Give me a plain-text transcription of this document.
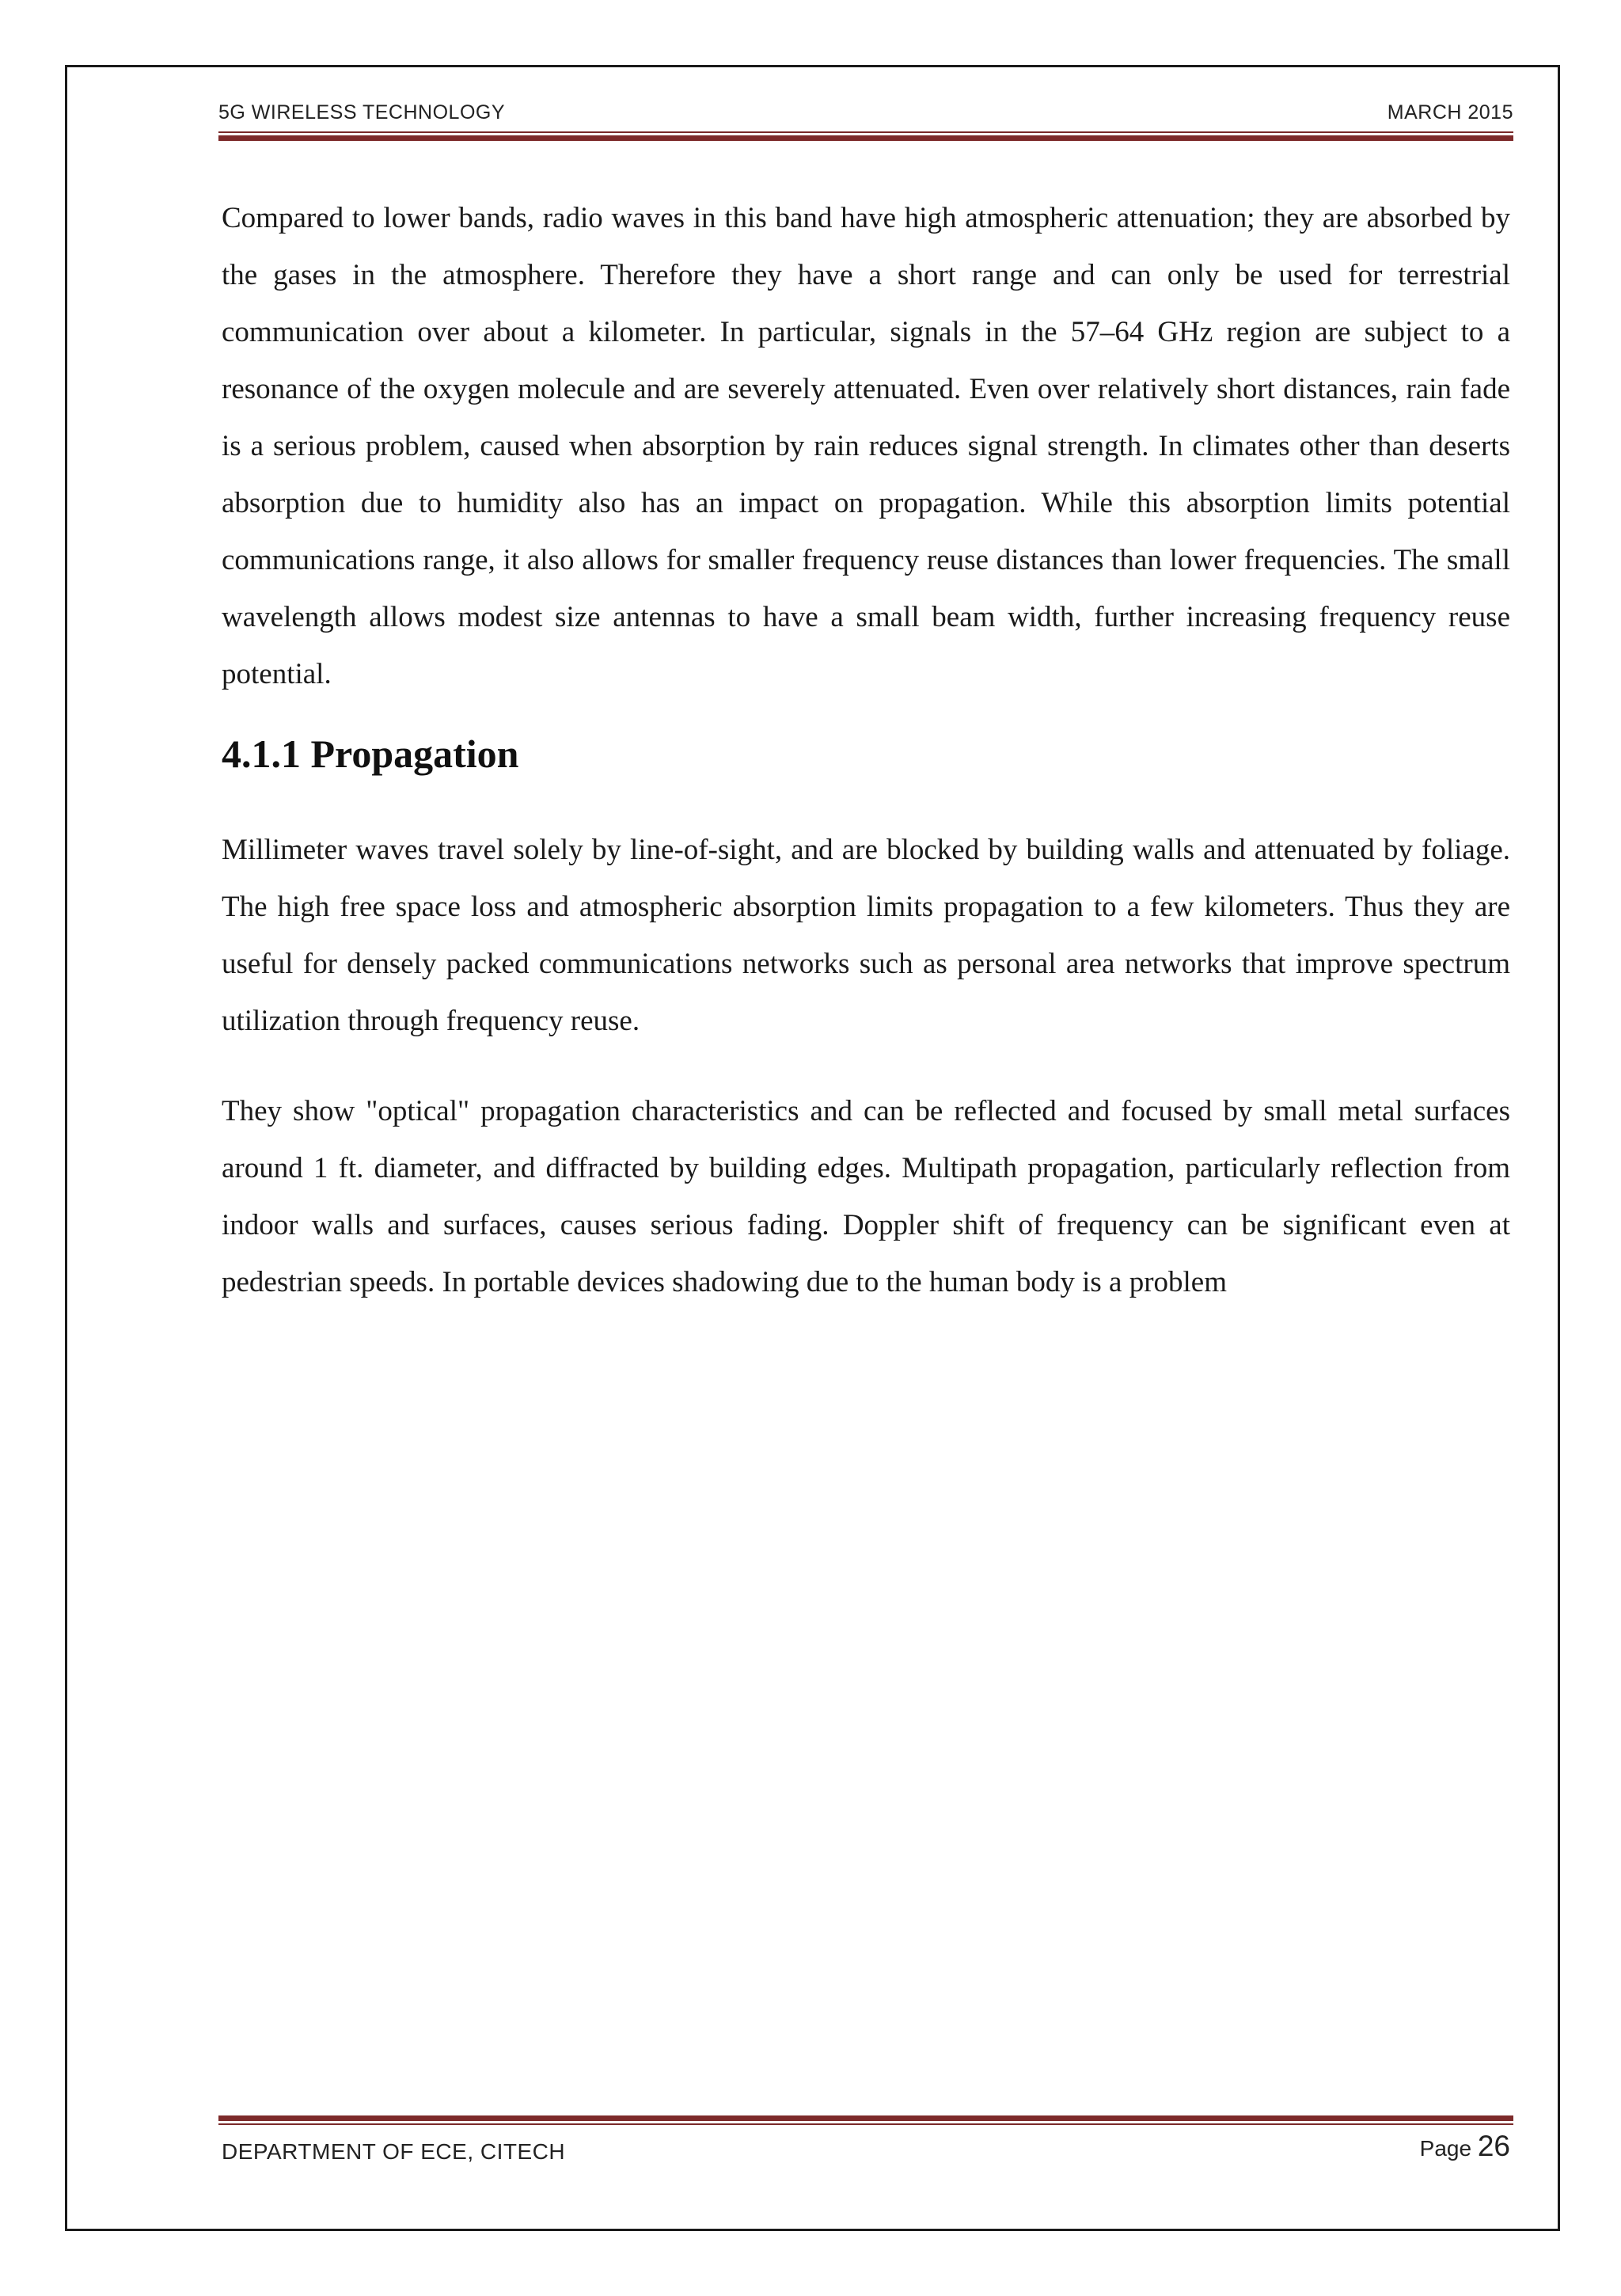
5G WIRELESS TECHNOLOGY	MARCH 2015

Compared to lower bands, radio waves in this band have high atmospheric attenuation; they are absorbed by the gases in the atmosphere. Therefore they have a short range and can only be used for terrestrial communication over about a kilometer. In particular, signals in the 57–64 GHz region are subject to a resonance of the oxygen molecule and are severely attenuated. Even over relatively short distances, rain fade is a serious problem, caused when absorption by rain reduces signal strength. In climates other than deserts absorption due to humidity also has an impact on propagation. While this absorption limits potential communications range, it also allows for smaller frequency reuse distances than lower frequencies. The small wavelength allows modest size antennas to have a small beam width, further increasing frequency reuse potential.

4.1.1 Propagation

Millimeter waves travel solely by line-of-sight, and are blocked by building walls and attenuated by foliage. The high free space loss and atmospheric absorption limits propagation to a few kilometers. Thus they are useful for densely packed communications networks such as personal area networks that improve spectrum utilization through frequency reuse.

They show "optical" propagation characteristics and can be reflected and focused by small metal surfaces around 1 ft. diameter, and diffracted by building edges. Multipath propagation, particularly reflection from indoor walls and surfaces, causes serious fading. Doppler shift of frequency can be significant even at pedestrian speeds. In portable devices shadowing due to the human body is a problem

DEPARTMENT OF ECE, CITECH	Page 26
